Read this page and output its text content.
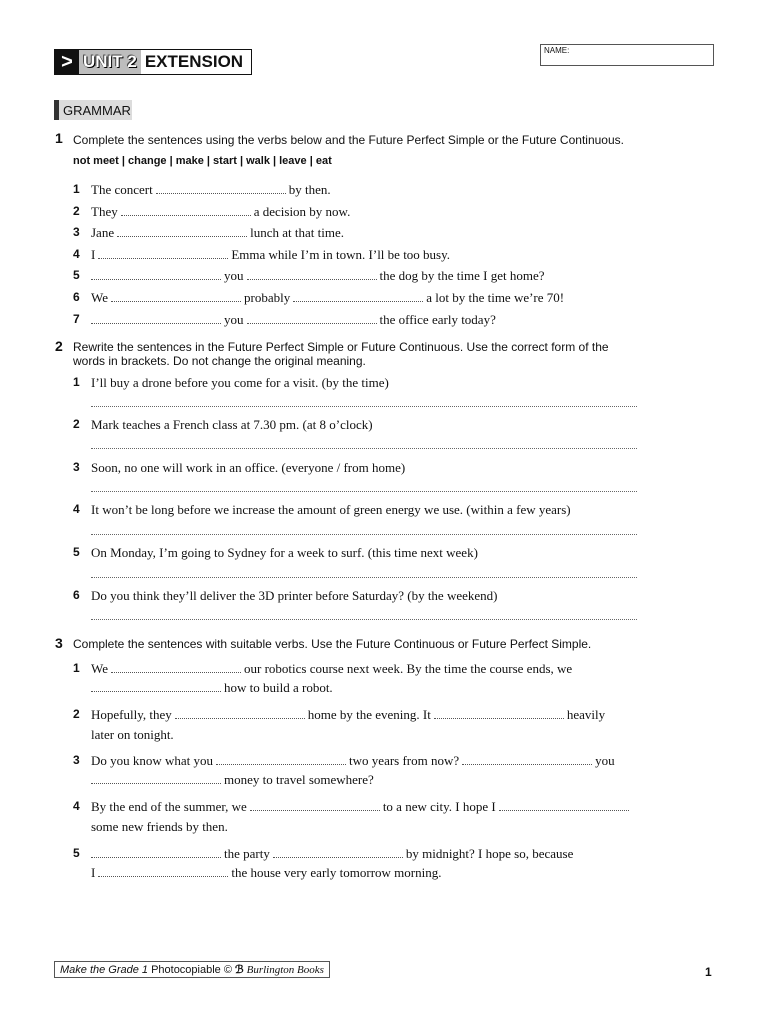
> UNIT 2 EXTENSION
NAME:
GRAMMAR
1 Complete the sentences using the verbs below and the Future Perfect Simple or the Future Continuous.
not meet | change | make | start | walk | leave | eat
1 The concert	by then.
2 They	a decision by now.
3 Jane	lunch at that time.
4 I	Emma while I’m in town. I’ll be too busy.
5	you	the dog by the time I get home?
6 We	probably	a lot by the time we’re 70!
7	you	the office early today?
2 Rewrite the sentences in the Future Perfect Simple or Future Continuous. Use the correct form of the
words in brackets. Do not change the original meaning.
1 I’ll buy a drone before you come for a visit. (by the time)
2 Mark teaches a French class at 7.30 pm. (at 8 o’clock)
3 Soon, no one will work in an office. (everyone / from home)
4 It won’t be long before we increase the amount of green energy we use. (within a few years)
5 On Monday, I’m going to Sydney for a week to surf. (this time next week)
6 Do you think they’ll deliver the 3D printer before Saturday? (by the weekend)
3 Complete the sentences with suitable verbs. Use the Future Continuous or Future Perfect Simple.
1 We	our robotics course next week. By the time the course ends, we
how to build a robot.
2 Hopefully, they	home by the evening. It	heavily
later on tonight.
3 Do you know what you	two years from now?	you
money to travel somewhere?
4 By the end of the summer, we	to a new city. I hope I
some new friends by then.
5	the party	by midnight? I hope so, because
I	the house very early tomorrow morning.
Make the Grade 1 Photocopiable © ℬ Burlington Books	1
